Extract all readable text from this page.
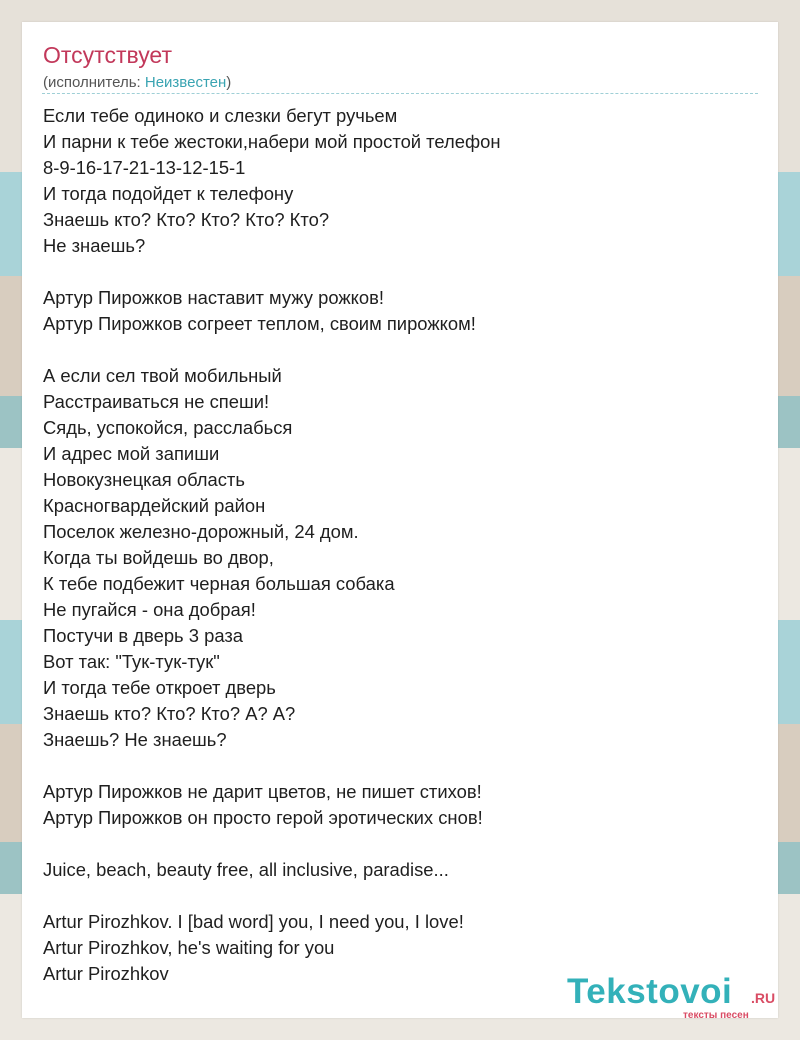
Отсутствует
(исполнитель: Неизвестен)
Если тебе одиноко и слезки бегут ручьем
И парни к тебе жестоки,набери мой простой телефон
8-9-16-17-21-13-12-15-1
И тогда подойдет к телефону
Знаешь кто? Кто? Кто? Кто? Кто?
Не знаешь?
Артур Пирожков наставит мужу рожков!
Артур Пирожков согреет теплом, своим пирожком!
А если сел твой мобильный
Расстраиваться не спеши!
Сядь, успокойся, расслабься
И адрес мой запиши
Новокузнецкая область
Красногвардейский район
Поселок железно-дорожный, 24 дом.
Когда ты войдешь во двор,
К тебе подбежит черная большая собака
Не пугайся - она добрая!
Постучи в дверь 3 раза
Вот так: "Тук-тук-тук"
И тогда тебе откроет дверь
Знаешь кто? Кто? Кто? А? А?
Знаешь? Не знаешь?
Артур Пирожков не дарит цветов, не пишет стихов!
Артур Пирожков он просто герой эротических снов!
Juice, beach, beauty free, all inclusive, paradise...
Artur Pirozhkov. I [bad word] you, I need you, I love!
Artur Pirozhkov, he's waiting for you
Artur Pirozhkov	Tekstovoi .RU
тексты песен
